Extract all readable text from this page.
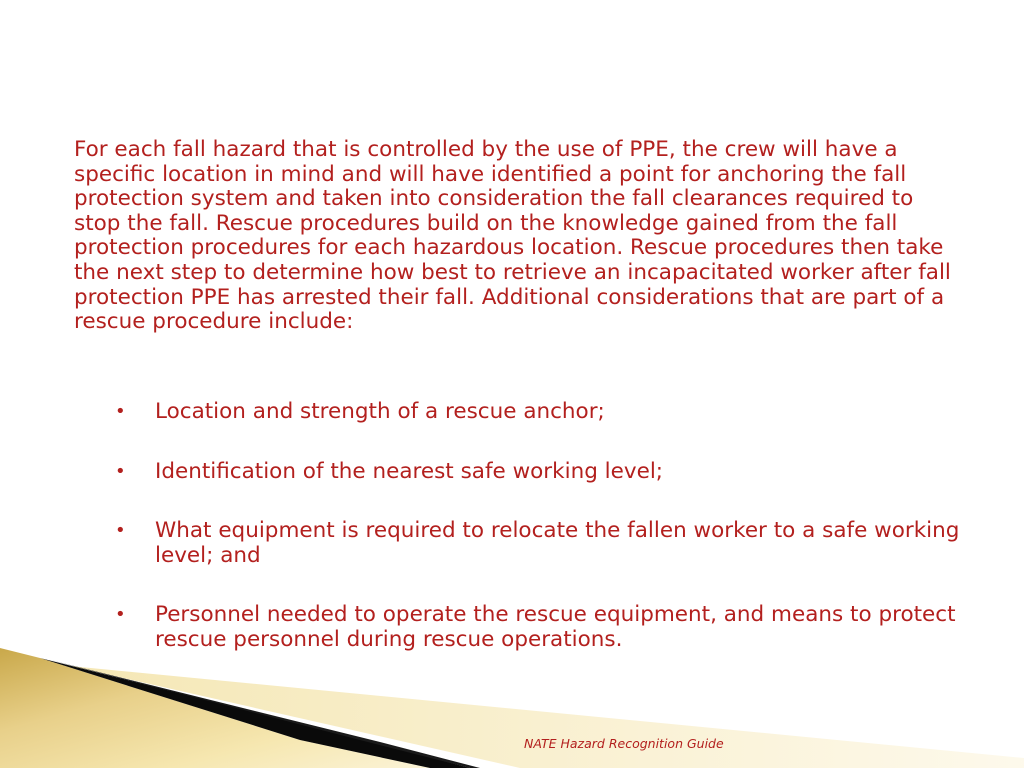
For each fall hazard that is controlled by the use of PPE, the crew will have a specific location in mind and will have identified a point for anchoring the fall protection system and taken into consideration the fall clearances required to stop the fall. Rescue procedures build on the knowledge gained from the fall protection procedures for each hazardous location. Rescue procedures then take the next step to determine how best to retrieve an incapacitated worker after fall protection PPE has arrested their fall. Additional considerations that are part of a rescue procedure include:

• Location and strength of a rescue anchor;
• Identification of the nearest safe working level;
• What equipment is required to relocate the fallen worker to a safe working level; and
• Personnel needed to operate the rescue equipment, and means to protect rescue personnel during rescue operations.
NATE Hazard Recognition Guide
